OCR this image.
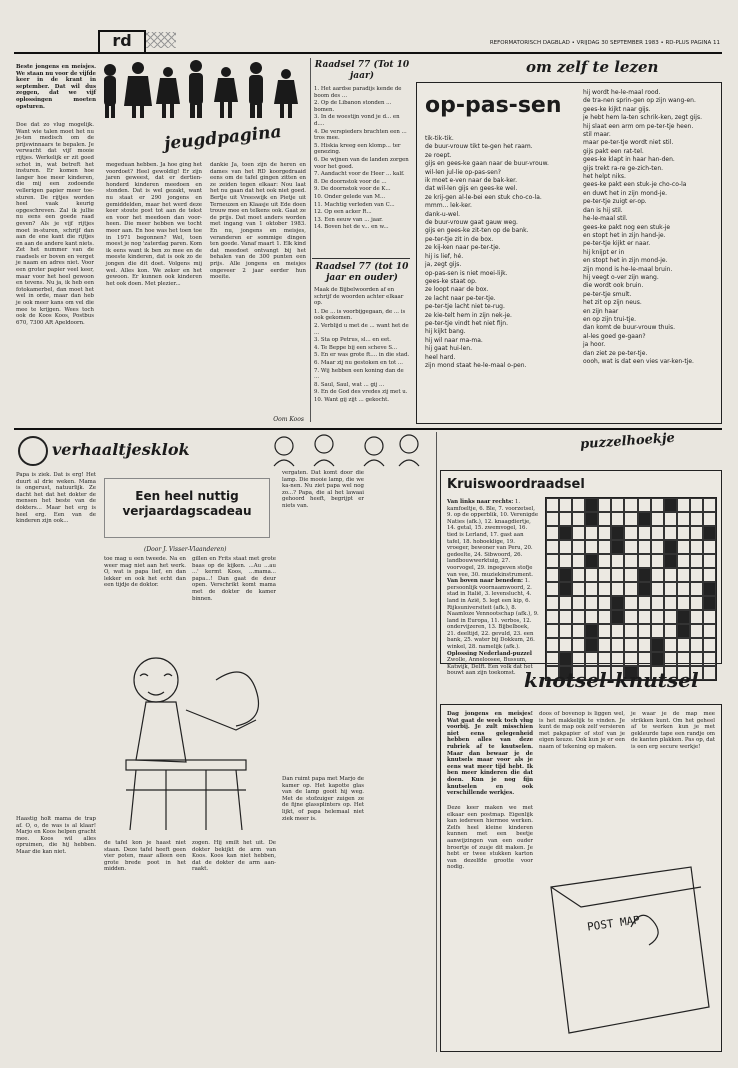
rd	REFORMATORISCH DAGBLAD • VRIJDAG 30 SEPTEMBER 1983 • RD-PLUS PAGINA 11
jeugdpagina
Beste jongens en meisjes. We staan nu voor de vijfde keer in de krant in september. Dat wil dus zeggen, dat we vijf oplossingen moeten opsturen.
Doe dat zo vlug mogelijk. Want wie talen moet het nu je-ten medisch om de prijswinnaars te bepalen. Je verwacht dat vijf mooie rijtjes. Werkelijk er zit goed schot in, wat betreft het insturen. Er komen hoe langer hoe meer kinderen, die mij een zodoende vellerigen papier meer toe-sturen. De rijtjes worden heel vaak keurig opgeschreven. Zal ik jullie nu eens een goede raad geven? Als je vijf rijtjes moet in-sturen, schrijf dan aan de ene kant die rijtjes en aan de andere kant niets. Zet het nummer van de raadsels er boven en verget je naam en adres niet. Voor een groter papier veel keer, maar voor het heel gewoon en tevens. Nu ja, ik heb een fotokamerbel, dan moet het wel in orde, maar dan heb je ook meer kans om vel die mee te krijgen. Wees toch ook de Koos Koos, Postbus 670, 7300 AR Apeldoorn.
megeduan hebben. Ja hoe ging het voordoet? Heel gewoldig! Er zijn jaren geweest, dat er dertien-honderd kinderen meedoen en stonden. Dat is wel gezakt, want nu staat er 290 jongens en gemiddelden, maar het werd deze keer stoute post tot aan de tekst en voor het meedoen dan voor-heen. Die meer hebben we tocht meer aan. En hoe was het toen toe in 1971 begonnen? Wel, toen moest je nog 'zaterdag paren. Kom ik eens want ik ben zo mee en de meeste kinderen, dat is ook zo de jongen die dit doet. Volgens mij wel. Alles kon. We zeker en het gewoon. Er kunnen ook kinderen het ook doen. Met plezier...
dankie Ja, toen zijn de heren en dames van het RD koorgedraaid eens om de tafel gingen zitten en ze zeiden tegen elkaar: Nou laat het nu gaan dat het ook niet goed. Bertje uit Vreeswijk en Pietje uit Terneuzen en Klaasje uit Ede doen trouw mee en telkens ook. Gaat ze de prijs. Dat moet anders worden met ingang van 1 oktober 1983. En nu, jongens en meisjes, veranderen er sommige dingen ten goede. Vanaf maart 1. Elk kind dat meedoet ontvangt bij het behalen van de 300 punten een prijs. Alle jongens en meisjes ongeveer 2 jaar eerder hun moeite.
Oom Koos
Raadsel 77 (Tot 10 jaar)
1. Het aardse paradijs kende de boom des ...
2. Op de Libanon stonden ... bomen.
3. In de woestijn vond je d... en d....
4. De verspieders brachten een ... tros mee.
5. Hiskia kreeg een klomp... ter genezing.
6. De wijnen van de landen zorgen voor het goed.
7. Aandacht voor de Heer ... kalf.
8. De doornstok voor de ...
9. De doornstok voor de K...
10. Onder gelede van M...
11. Machtig verleden van C...
12. Op een acker R...
13. Een eeuw van ... jaar.
14. Boven het de v... en w...
Raadsel 77 (tot 10 jaar en ouder)
Maak de Bijbelwoorden af en schrijf de woorden achter elkaar op.
1. De ... is voorbijgegaan, de ... is ook gekomen.
2. Verblijd u met de ... want het de ...
3. Sta op Petrus, sl... en eet.
4. Te Beppe bij een scheve S...
5. En er was grote ft.... in die stad.
6. Maar zij nu gestoken en tot ...
7. Wij hebben een koning dan de ...
8. Saul, Saul, wat ... gij ...
9. En de God des vredes zij met u.
10. Want gij zijt ... gekocht.
om zelf te lezen
op-pas-sen
tik-tik-tik.
de buur-vrouw tikt te-gen het raam.
ze roept.
gijs en gees-ke gaan naar de buur-vrouw.
wil-len jul-lie op-pas-sen?
ik moet e-ven naar de bak-ker.
dat wil-len gijs en gees-ke wel.
ze krij-gen al-le-bei een stuk cho-co-la.
mmm... lek-ker.
dank-u-wel.
de buur-vrouw gaat gauw weg.
gijs en gees-ke zit-ten op de bank.
pe-ter-tje zit in de box.
ze kij-ken naar pe-ter-tje.
hij is lief, hé.
ja, zegt gijs.
op-pas-sen is niet moei-lijk.
gees-ke staat op.
ze loopt naar de box.
ze lacht naar pe-ter-tje.
pe-ter-tje lacht niet te-rug.
ze kie-telt hem in zijn nek-je.
pe-ter-tje vindt het niet fijn.
hij kijkt bang.
hij wil naar ma-ma.
hij gaat hui-len.
heel hard.
zijn mond staat he-le-maal o-pen.
hij wordt he-le-maal rood.
de tra-nen sprin-gen op zijn wang-en.
gees-ke kijkt naar gijs.
je hebt hem la-ten schrik-ken, zegt gijs.
hij slaat een arm om pe-ter-tje heen.
stil maar.
maar pe-ter-tje wordt niet stil.
gijs pakt een rat-tel.
gees-ke klapt in haar han-den.
gijs trekt ra-re ge-zich-ten.
het helpt niks.
gees-ke pakt een stuk-je cho-co-la
en duwt het in zijn mond-je.
pe-ter-tje zuigt er-op.
dan is hij stil.
he-le-maal stil.
gees-ke pakt nog een stuk-je
en stopt het in zijn hand-je.
pe-ter-tje kijkt er naar.
hij knijpt er in
en stopt het in zijn mond-je.
zijn mond is he-le-maal bruin.
hij veegt o-ver zijn wang.
die wordt ook bruin.
pe-ter-tje smult.
het zit op zijn neus.
en zijn haar
en op zijn trui-tje.
dan komt de buur-vrouw thuis.
al-les goed ge-gaan?
ja hoor.
dan ziet ze pe-ter-tje.
oooh, wat is dat een vies var-ken-tje.
verhaaltjesklok
Papa is ziek. Dat is erg! Het duurt al drie weken. Mama is ongerust, natuurlijk. Ze dacht het dat het dokter de mensen het beste van de dokters... Maar het erg is heel erg. Een van de kinderen zijn ook...
Een heel nuttig verjaardagscadeau
(Door J. Visser-Vlaanderen)
toe mag u een tweede. Na en weer mag niet aan het werk. O, wat is papa lief, en dan lekker en ook het echt dan een tijdje de doktor.
gillen en Frits staat met grote baas op de kijken. ...Au ...au ...' kermt Koos, ...mama... papa...! Dan gaat de deur open. Verschrikt komt mama met de dokter de kamer binnen.
vergaten. Dat komt door die lamp. Die mooie lamp, die we ka-nen. Nu ziet papa wel nog zo...? Papa, die al het lawaai gehoord heeft, begrijpt er niets van.
Dan ruimt papa met Marjo de kamer op. Het kapotte glas van de lamp gooit hij weg. Met de stofzuiger zuigen ze de fijne glassplinters op. Het lijkt, of papa helemaal niet ziek meer is.
Haastig holt mama de trap af. O, o, de was is al klaar! Marjo en Koos helpen gracht mee. Koos wil alles opruimen, die hij hebben. Maar die kan niet.
de tafel kon je haast niet staan. Deze tafel heeft geen vier poten, maar alleen een grote brede poot in het midden.
zogen. Hij smilt het uit. De dokter bekijkt de arm van Koos. Koos kan niet hebben, dat de dokter de arm aan-raakt.
puzzelhoekje
Kruiswoordraadsel
Van links naar rechts: 1. kamfoeltje, 6. Ble, 7. voorzetsel, 9. op de opperblik, 10. Verenigde Naties (afk.), 12. knaagdiertje, 14. getal, 15. zwemvogel, 16. tied is Lerland, 17. gast aan tafel, 18. hoboeklige, 19. vroeger, bewoner van Peru, 20. gedeelte, 24. Sibwoord, 26. landbouwwerktuig, 27. voorvogel, 29. ingegeven stofje van vee, 30. muziekinstrument. Van boven naar beneden: 1. persoonlijk voornaamwoord, 2. stad in Italië, 3. levenslucht, 4. land in Azië, 5. legt een kip, 6. Rijksuniversiteit (afk.), 8. Naamloze Vennootschap (afk.), 9. land in Europa, 11. verbos, 12. ondervijzeren, 13. Bijbelboek, 21. deeltijd, 22. gevuld, 23. een bank, 25. water bij Dokkum, 26. winkel, 28. namelijk (afk.). Oplossing Nederland-puzzel Zwolle, Anneloosee, Bussum, Katwijk, Delft. Een volk dat het bouwt aan zijn toekomst. knotsel-knutsel
Dag jongens en meisjes! Wat gaat de week toch vlug voorbij. Je zult misschien niet eens gelegenheid hebben alles van deze rubriek af te knutselen. Maar dan bewaar je de knutsels maar voor als je eens wat meer tijd hebt. Ik ben meer kinderen die dat doen. Kun je nog fijn knutselen en ook verschillende werkjes.
Deze keer maken we met elkaar een postmap. Eigenlijk kan iedereen hiermee werken. Zelfs heel kleine kinderen kunnen met een beetje aanwijzingen van een ouder broertje of zusje dit maken. Je hebt er twee stukken karton van dezelfde grootte voor nodig.
doos of bovenop is liggen wel, is het makkelijk te vinden. Je kunt de map ook zelf versieren met pakpapier of stof van je eigen keuze. Ook kun je er een naam of tekening op maken.
je waar je de map mee strikken kunt. Om het geheel af te werken kun je met gekleurde tape een randje om de kanten plakken. Pas op, dat is een erg secure werkje!
POST MAP
